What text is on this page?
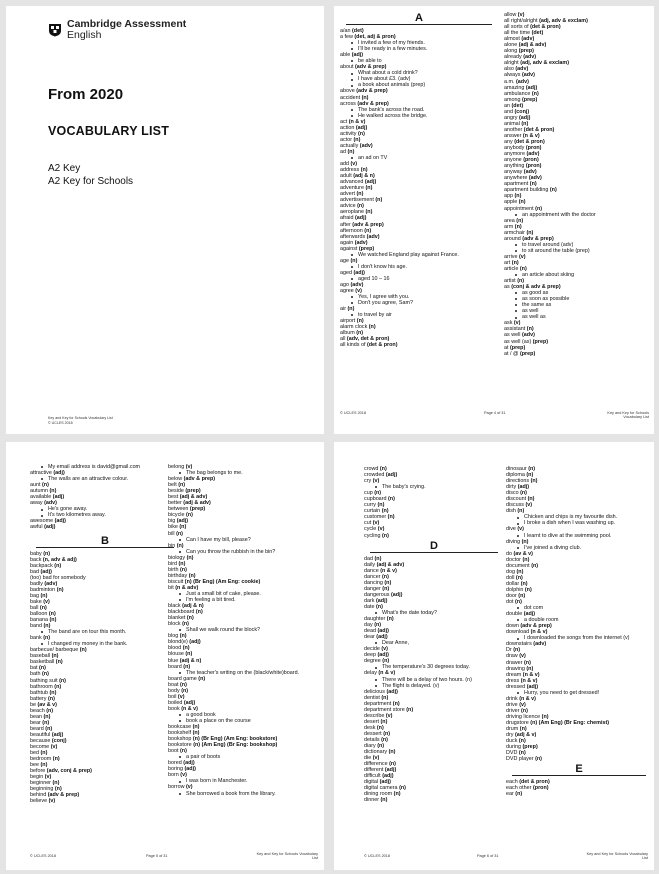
Cambridge Assessment
English
From 2020
VOCABULARY LIST
A2 Key
A2 Key for Schools
Key and Key for Schools Vocabulary List
© UCLES 2018
A
a/an (det)
a few (det, adj & pron)
I invited a few of my friends.
I'll be ready in a few minutes.
able (adj)
be able to
about (adv & prep)
What about a cold drink?
I have about £3. (adv)
a book about animals (prep)
above (adv & prep)
accident (n)
across (adv & prep)
The bank's across the road.
He walked across the bridge.
act (n & v)
action (adj)
activity (n)
actor (n)
actually (adv)
ad (n)
an ad on TV
add (v)
address (n)
adult (adj & n)
advanced (adj)
adventure (n)
advert (n)
advertisement (n)
advice (n)
aeroplane (n)
afraid (adj)
after (adv & prep)
afternoon (n)
afterwards (adv)
again (adv)
against (prep)
We watched England play against France.
age (n)
I don't know his age.
aged (adj)
aged 10 – 16
ago (adv)
agree (v)
Yes, I agree with you.
Don't you agree, Sam?
air (n)
to travel by air
airport (n)
alarm clock (n)
album (n)
all (adv, det & pron)
all kinds of (det & pron)
allow (v)
all right/alright (adj, adv & exclam)
all sorts of (det & pron)
all the time (det)
almost (adv)
alone (adj & adv)
along (prep)
already (adv)
alright (adj, adv & exclam)
also (adv)
always (adv)
a.m. (adv)
amazing (adj)
ambulance (n)
among (prep)
an (det)
and (conj)
angry (adj)
animal (n)
another (det & pron)
answer (n & v)
any (det & pron)
anybody (pron)
anymore (adv)
anyone (pron)
anything (pron)
anyway (adv)
anywhere (adv)
apartment (n)
apartment building (n)
app (n)
apple (n)
appointment (n)
an appointment with the doctor
area (n)
arm (n)
armchair (n)
around (adv & prep)
to travel around (adv)
to sit around the table (prep)
arrive (v)
art (n)
article (n)
an article about skiing
artist (n)
as (conj & adv & prep)
as good as
as soon as possible
the same as
as well
as well as
ask (v)
assistant (n)
as well (adv)
as well (as) (prep)
at (prep)
at / @ (prep)
© UCLES 2018	Page 4 of 31	Key and Key for Schools Vocabulary List
My email address is david@gmail.com
attractive (adj)
The walls are an attractive colour.
aunt (n)
autumn (n)
available (adj)
away (adv)
He's gone away.
It's two kilometres away.
awesome (adj)
awful (adj)
B
baby (n)
back (n, adv & adj)
backpack (n)
bad (adj)
(too) bad for somebody
badly (adv)
badminton (n)
bag (n)
bake (v)
ball (n)
balloon (n)
banana (n)
band (n)
The band are on tour this month.
bank (n)
I changed my money in the bank.
barbecue/ barbeque (n)
baseball (n)
basketball (n)
bat (n)
bath (n)
bathing suit (n)
bathroom (n)
bathtub (n)
battery (n)
be (av & v)
beach (n)
bean (n)
bear (n)
beard (n)
beautiful (adj)
because (conj)
become (v)
bed (n)
bedroom (n)
bee (n)
before (adv, conj & prep)
begin (v)
beginner (n)
beginning (n)
behind (adv & prep)
believe (v)
belong (v)
The bag belongs to me.
below (adv & prep)
belt (n)
beside (prep)
best (adj & adv)
better (adj & adv)
between (prep)
bicycle (n)
big (adj)
bike (n)
bill (n)
Can I have my bill, please?
bin (n)
Can you throw the rubbish in the bin?
biology (n)
bird (n)
birth (n)
birthday (n)
biscuit (n) (Br Eng) (Am Eng: cookie)
bit (n & adv)
Just a small bit of cake, please.
I'm feeling a bit tired.
black (adj & n)
blackboard (n)
blanket (n)
block (n)
Shall we walk round the block?
blog (n)
blond(e) (adj)
blood (n)
blouse (n)
blue (adj & n)
board (n)
The teacher's writing on the (black/white)board.
board game (n)
boat (n)
body (n)
boil (v)
boiled (adj)
book (n & v)
a good book
book a place on the course
bookcase (n)
bookshelf (n)
bookshop (n) (Br Eng) (Am Eng: bookstore)
bookstore (n) (Am Eng) (Br Eng: bookshop)
boot (n)
a pair of boots
bored (adj)
boring (adj)
born (v)
I was born in Manchester.
borrow (v)
She borrowed a book from the library.
© UCLES 2018	Page 5 of 31	Key and Key for Schools Vocabulary List
crowd (n)
crowded (adj)
cry (v)
The baby's crying.
cup (n)
cupboard (n)
curry (n)
curtain (n)
customer (n)
cut (v)
cycle (v)
cycling (n)
D
dad (n)
daily (adj & adv)
dance (n & v)
dancer (n)
dancing (n)
danger (n)
dangerous (adj)
dark (adj)
date (n)
What's the date today?
daughter (n)
day (n)
dead (adj)
dear (adj)
Dear Anne,
decide (v)
deep (adj)
degree (n)
The temperature's 30 degrees today.
delay (n & v)
There will be a delay of two hours. (n)
The flight is delayed. (v)
delicious (adj)
dentist (n)
department (n)
department store (n)
describe (v)
desert (n)
desk (n)
dessert (n)
details (n)
diary (n)
dictionary (n)
die (v)
difference (n)
different (adj)
difficult (adj)
digital (adj)
digital camera (n)
dining room (n)
dinner (n)
dinosaur (n)
diploma (n)
directions (n)
dirty (adj)
disco (n)
discount (n)
discuss (v)
dish (n)
Chicken and chips is my favourite dish.
I broke a dish when I was washing up.
dive (v)
I learnt to dive at the swimming pool.
diving (n)
I've joined a diving club.
do (av & v)
doctor (n)
document (n)
dog (n)
doll (n)
dollar (n)
dolphin (n)
door (n)
dot (n)
dot com
double (adj)
a double room
down (adv & prep)
download (n & v)
I downloaded the songs from the internet (v)
downstairs (adv)
Dr (n)
draw (v)
drawer (n)
drawing (n)
dream (n & v)
dress (n & v)
dressed (adj)
Hurry, you need to get dressed!
drink (n & v)
drive (v)
driver (n)
driving licence (n)
drugstore (n) (Am Eng) (Br Eng: chemist)
drum (n)
dry (adj & v)
duck (n)
during (prep)
DVD (n)
DVD player (n)
E
each (det & pron)
each other (pron)
ear (n)
© UCLES 2018	Page 6 of 31	Key and Key for Schools Vocabulary List
